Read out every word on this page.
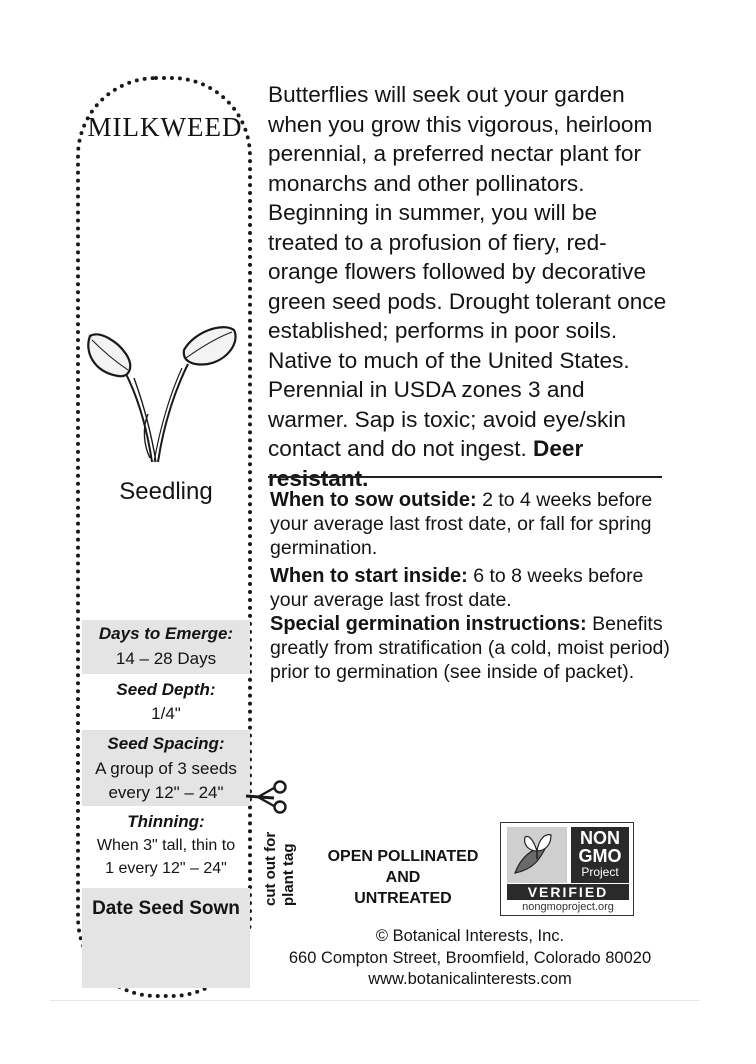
MILKWEED
Seedling
Days to Emerge:
14 – 28 Days
Seed Depth:
1/4"
Seed Spacing:
A group of 3 seeds
every 12" – 24"
Thinning:
When 3" tall, thin to
1 every 12" – 24"
Date Seed Sown
cut out for plant tag
Butterflies will seek out your garden when you grow this vigorous, heirloom perennial, a preferred nectar plant for monarchs and other pollinators. Beginning in summer, you will be treated to a profusion of fiery, red-orange flowers followed by decorative green seed pods. Drought tolerant once established; performs in poor soils. Native to much of the United States. Perennial in USDA zones 3 and warmer. Sap is toxic; avoid eye/skin contact and do not ingest. Deer resistant.
When to sow outside: 2 to 4 weeks before your average last frost date, or fall for spring germination.
When to start inside: 6 to 8 weeks before your average last frost date.
Special germination instructions: Benefits greatly from stratification (a cold, moist period) prior to germination (see inside of packet).
OPEN POLLINATED
AND
UNTREATED
NON
GMO
Project
VERIFIED
nongmoproject.org
© Botanical Interests, Inc.
660 Compton Street, Broomfield, Colorado 80020
www.botanicalinterests.com
